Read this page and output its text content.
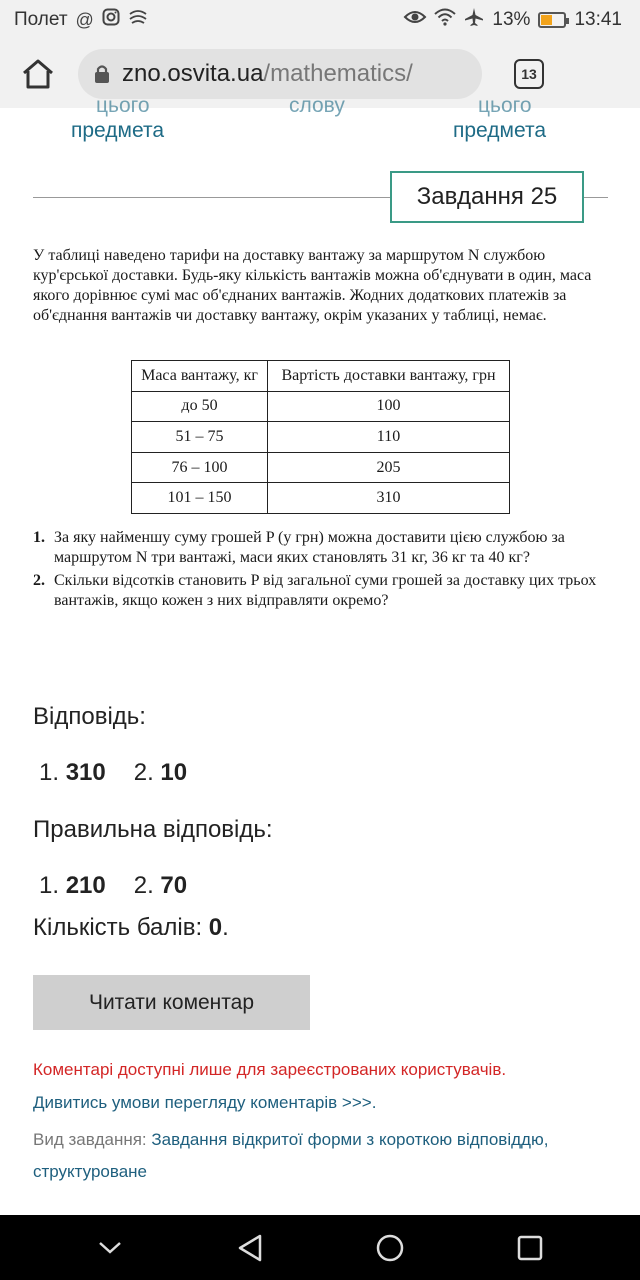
Полет @	13% 13:41
zno.osvita.ua /mathematics/	13
цього
предмета
слову	цього
предмета
Завдання 25

У таблиці наведено тарифи на доставку вантажу за маршрутом N службою кур'єрської доставки. Будь-яку кількість вантажів можна об'єднувати в один, маса якого дорівнює сумі мас об'єднаних вантажів. Жодних додаткових платежів за об'єднання вантажів чи доставку вантажу, окрім указаних у таблиці, немає.

Маса вантажу, кг	Вартість доставки вантажу, грн
до 50	100
51 – 75	110
76 – 100	205
101 – 150	310
1. За яку найменшу суму грошей P (у грн) можна доставити цією службою за маршрутом N три вантажі, маси яких становлять 31 кг, 36 кг та 40 кг?
2. Скільки відсотків становить P від загальної суми грошей за доставку цих трьох вантажів, якщо кожен з них відправляти окремо?
Відповідь:
1. 310 2. 10
Правильна відповідь:
1. 210 2. 70
Кількість балів: 0.
Читати коментар
Коментарі доступні лише для зареєстрованих користувачів.
Дивитись умови перегляду коментарів >>>.
Вид завдання: Завдання відкритої форми з короткою відповіддю, структуроване
